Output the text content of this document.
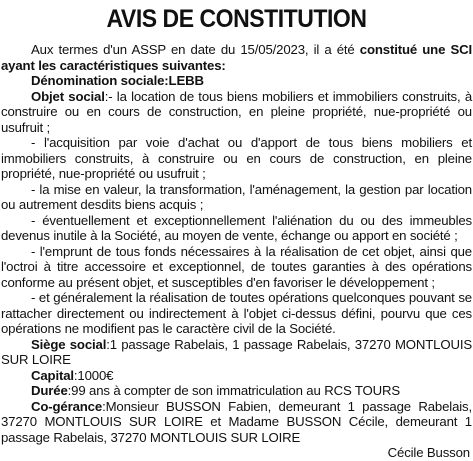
AVIS DE CONSTITUTION

Aux termes d'un ASSP en date du 15/05/2023, il a été constitué une SCI ayant les caractéristiques suivantes:

Dénomination sociale:LEBB

Objet social:- la location de tous biens mobiliers et immobiliers construits, à construire ou en cours de construction, en pleine propriété, nue-propriété ou usufruit ;

- l'acquisition par voie d'achat ou d'apport de tous biens mobiliers et immobiliers construits, à construire ou en cours de construction, en pleine propriété, nue-propriété ou usufruit ;

- la mise en valeur, la transformation, l'aménagement, la gestion par location ou autrement desdits biens acquis ;

- éventuellement et exceptionnellement l'aliénation du ou des immeubles devenus inutile à la Société, au moyen de vente, échange ou apport en société ;

- l'emprunt de tous fonds nécessaires à la réalisation de cet objet, ainsi que l'octroi à titre accessoire et exceptionnel, de toutes garanties à des opérations conforme au présent objet, et susceptibles d'en favoriser le développement ;

- et généralement la réalisation de toutes opérations quelconques pouvant se rattacher directement ou indirectement à l'objet ci-dessus défini, pourvu que ces opérations ne modifient pas le caractère civil de la Société.

Siège social:1 passage Rabelais, 1 passage Rabelais, 37270 MONTLOUIS SUR LOIRE

Capital:1000€

Durée:99 ans à compter de son immatriculation au RCS TOURS

Co-gérance:Monsieur BUSSON Fabien, demeurant 1 passage Rabelais, 37270 MONTLOUIS SUR LOIRE et Madame BUSSON Cécile, demeurant 1 passage Rabelais, 37270 MONTLOUIS SUR LOIRE

Cécile Busson
